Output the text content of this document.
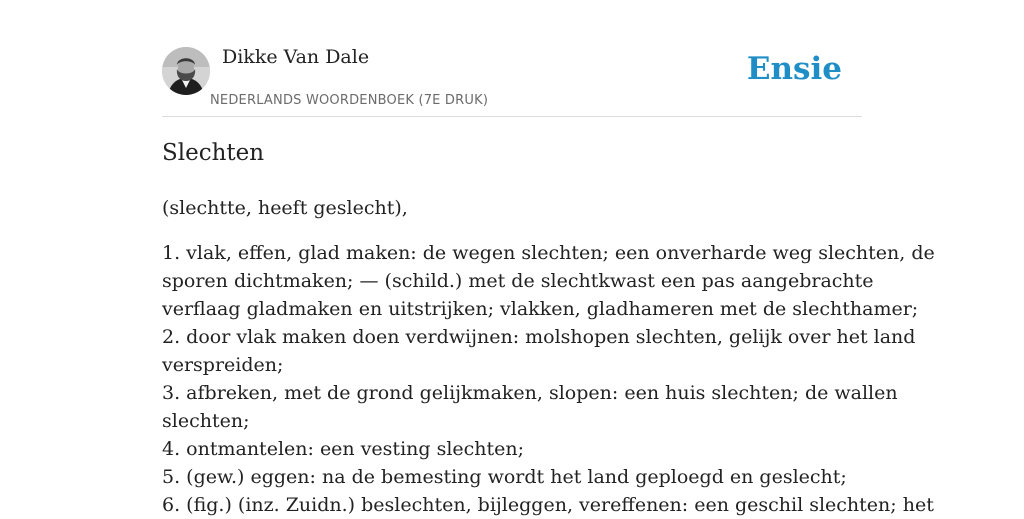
Dikke Van Dale
NEDERLANDS WOORDENBOEK (7E DRUK)
Ensie
Slechten

(slechtte, heeft geslecht),

1. vlak, effen, glad maken: de wegen slechten; een onverharde weg slechten, de
sporen dichtmaken; — (schild.) met de slechtkwast een pas aangebrachte
verflaag gladmaken en uitstrijken; vlakken, gladhameren met de slechthamer;
2. door vlak maken doen verdwijnen: molshopen slechten, gelijk over het land
verspreiden;
3. afbreken, met de grond gelijkmaken, slopen: een huis slechten; de wallen
slechten;
4. ontmantelen: een vesting slechten;
5. (gew.) eggen: na de bemesting wordt het land geploegd en geslecht;
6. (fig.) (inz. Zuidn.) beslechten, bijleggen, vereffenen: een geschil slechten; het
